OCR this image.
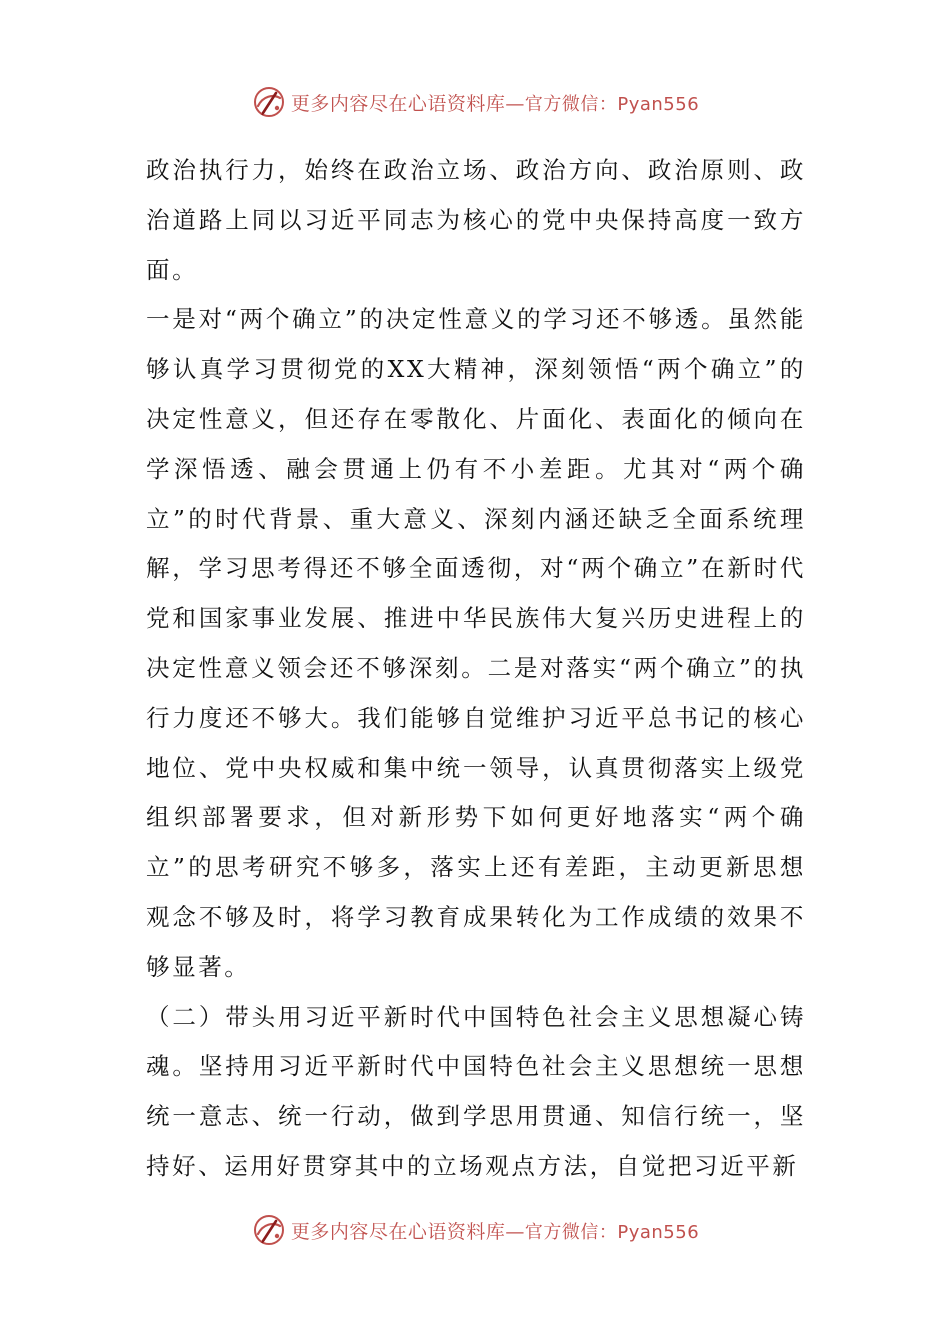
更多内容尽在心语资料库—官方微信：Pyan556

政治执行力，始终在政治立场、政治方向、政治原则、政治道路上同以习近平同志为核心的党中央保持高度一致方面。

一是对“两个确立”的决定性意义的学习还不够透。虽然能够认真学习贯彻党的XX大精神，深刻领悟“两个确立”的决定性意义，但还存在零散化、片面化、表面化的倾向在学深悟透、融会贯通上仍有不小差距。尤其对“两个确立”的时代背景、重大意义、深刻内涵还缺乏全面系统理解，学习思考得还不够全面透彻，对“两个确立”在新时代党和国家事业发展、推进中华民族伟大复兴历史进程上的决定性意义领会还不够深刻。二是对落实“两个确立”的执行力度还不够大。我们能够自觉维护习近平总书记的核心地位、党中央权威和集中统一领导，认真贯彻落实上级党组织部署要求，但对新形势下如何更好地落实“两个确立”的思考研究不够多，落实上还有差距，主动更新思想观念不够及时，将学习教育成果转化为工作成绩的效果不够显著。

（二）带头用习近平新时代中国特色社会主义思想凝心铸魂。坚持用习近平新时代中国特色社会主义思想统一思想统一意志、统一行动，做到学思用贯通、知信行统一，坚持好、运用好贯穿其中的立场观点方法，自觉把习近平新

更多内容尽在心语资料库—官方微信：Pyan556
